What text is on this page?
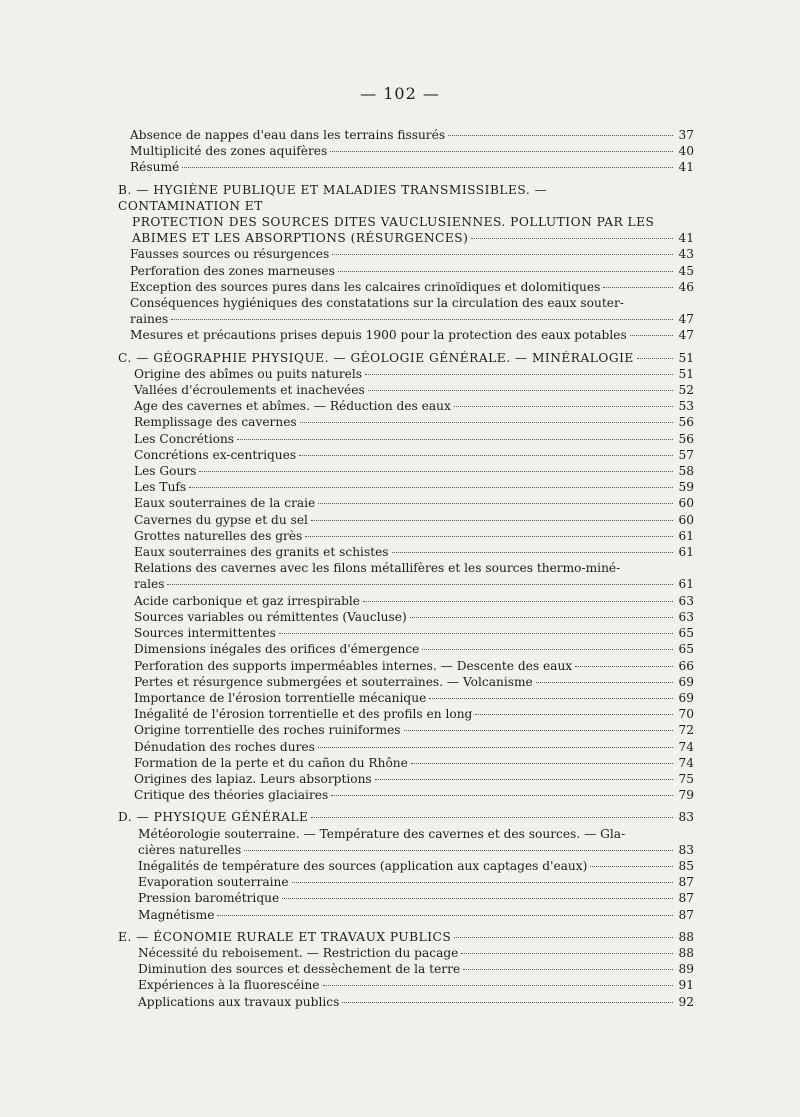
— 102 —
Absence de nappes d'eau dans les terrains fissurés	37
Multiplicité des zones aquifères	40
Résumé	41
B. — HYGIÈNE PUBLIQUE ET MALADIES TRANSMISSIBLES. — CONTAMINATION ET
PROTECTION DES SOURCES DITES VAUCLUSIENNES. POLLUTION PAR LES
ABIMES ET LES ABSORPTIONS (RÉSURGENCES)	41
Fausses sources ou résurgences	43
Perforation des zones marneuses	45
Exception des sources pures dans les calcaires crinoïdiques et dolomitiques	46
Conséquences hygiéniques des constatations sur la circulation des eaux souter-
raines	47
Mesures et précautions prises depuis 1900 pour la protection des eaux potables	47
C. — GÉOGRAPHIE PHYSIQUE. — GÉOLOGIE GÉNÉRALE. — MINÉRALOGIE	51
Origine des abîmes ou puits naturels	51
Vallées d'écroulements et inachevées	52
Age des cavernes et abîmes. — Réduction des eaux	53
Remplissage des cavernes	56
Les Concrétions	56
Concrétions ex-centriques	57
Les Gours	58
Les Tufs	59
Eaux souterraines de la craie	60
Cavernes du gypse et du sel	60
Grottes naturelles des grès	61
Eaux souterraines des granits et schistes	61
Relations des cavernes avec les filons métallifères et les sources thermo-miné-
rales	61
Acide carbonique et gaz irrespirable	63
Sources variables ou rémittentes (Vaucluse)	63
Sources intermittentes	65
Dimensions inégales des orifices d'émergence	65
Perforation des supports imperméables internes. — Descente des eaux	66
Pertes et résurgence submergées et souterraines. — Volcanisme	69
Importance de l'érosion torrentielle mécanique	69
Inégalité de l'érosion torrentielle et des profils en long	70
Origine torrentielle des roches ruiniformes	72
Dénudation des roches dures	74
Formation de la perte et du cañon du Rhône	74
Origines des lapiaz. Leurs absorptions	75
Critique des théories glaciaires	79
D. — PHYSIQUE GÉNÉRALE	83
Météorologie souterraine. — Température des cavernes et des sources. — Gla-
cières naturelles	83
Inégalités de température des sources (application aux captages d'eaux)	85
Evaporation souterraine	87
Pression barométrique	87
Magnétisme	87
E. — ÉCONOMIE RURALE ET TRAVAUX PUBLICS	88
Nécessité du reboisement. — Restriction du pacage	88
Diminution des sources et dessèchement de la terre	89
Expériences à la fluorescéine	91
Applications aux travaux publics	92
